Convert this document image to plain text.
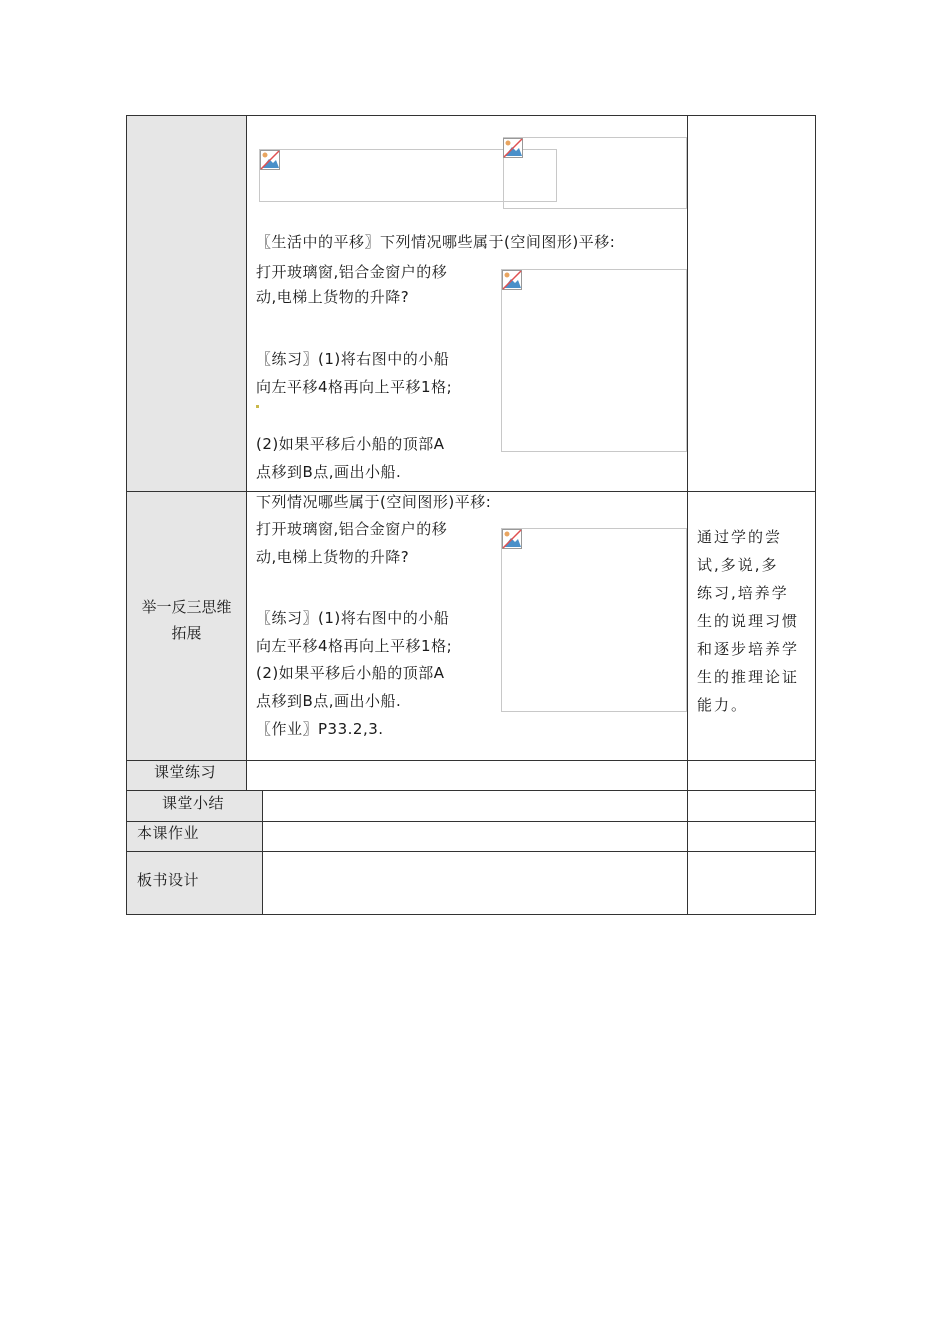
〖生活中的平移〗下列情况哪些属于(空间图形)平移:
打开玻璃窗,铝合金窗户的移
动,电梯上货物的升降?
〖练习〗(1)将右图中的小船
向左平移4格再向上平移1格;
(2)如果平移后小船的顶部A
点移到B点,画出小船.
举一反三思维
拓展
下列情况哪些属于(空间图形)平移:
打开玻璃窗,铝合金窗户的移
动,电梯上货物的升降?
〖练习〗(1)将右图中的小船
向左平移4格再向上平移1格;
(2)如果平移后小船的顶部A
点移到B点,画出小船.
〖作业〗P33.2,3.
通过学的尝
试,多说,多
练习,培养学
生的说理习惯
和逐步培养学
生的推理论证
能力。
课堂练习
课堂小结
本课作业
板书设计
